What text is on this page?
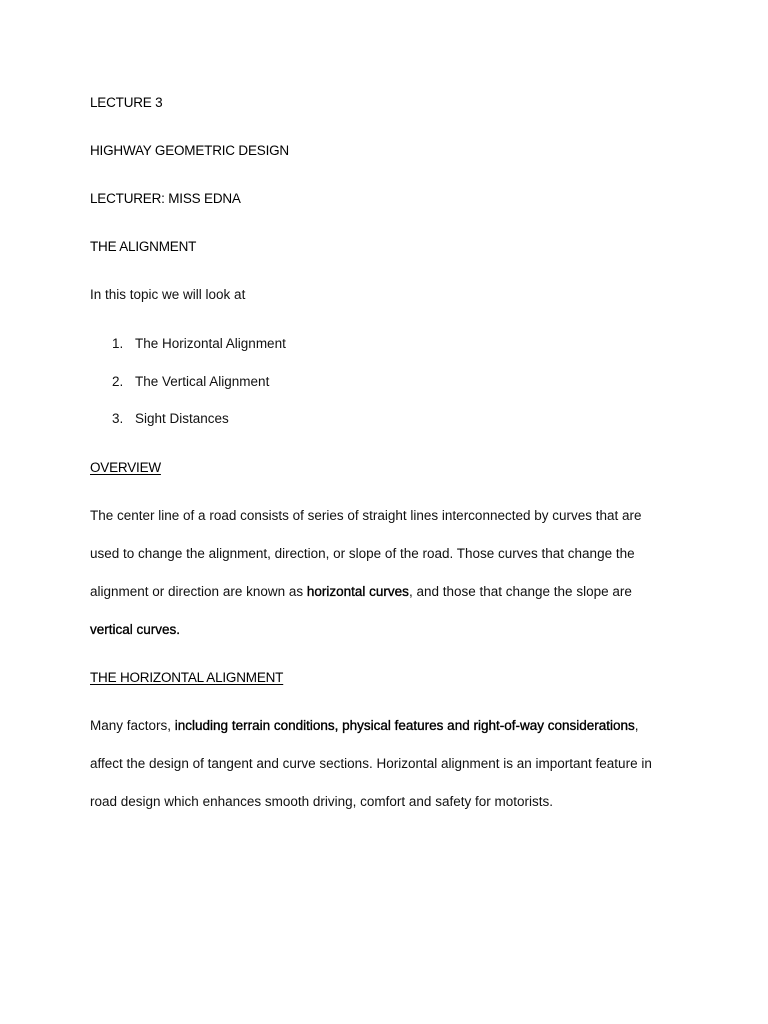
LECTURE 3
HIGHWAY GEOMETRIC DESIGN
LECTURER: MISS EDNA
THE ALIGNMENT
In this topic we will look at
1. The Horizontal Alignment
2. The Vertical Alignment
3. Sight Distances
OVERVIEW
The center line of a road consists of series of straight lines interconnected by curves that are
used to change the alignment, direction, or slope of the road. Those curves that change the
alignment or direction are known as horizontal curves, and those that change the slope are
vertical curves.
THE HORIZONTAL ALIGNMENT
Many factors, including terrain conditions, physical features and right-of-way considerations,
affect the design of tangent and curve sections. Horizontal alignment is an important feature in
road design which enhances smooth driving, comfort and safety for motorists.
